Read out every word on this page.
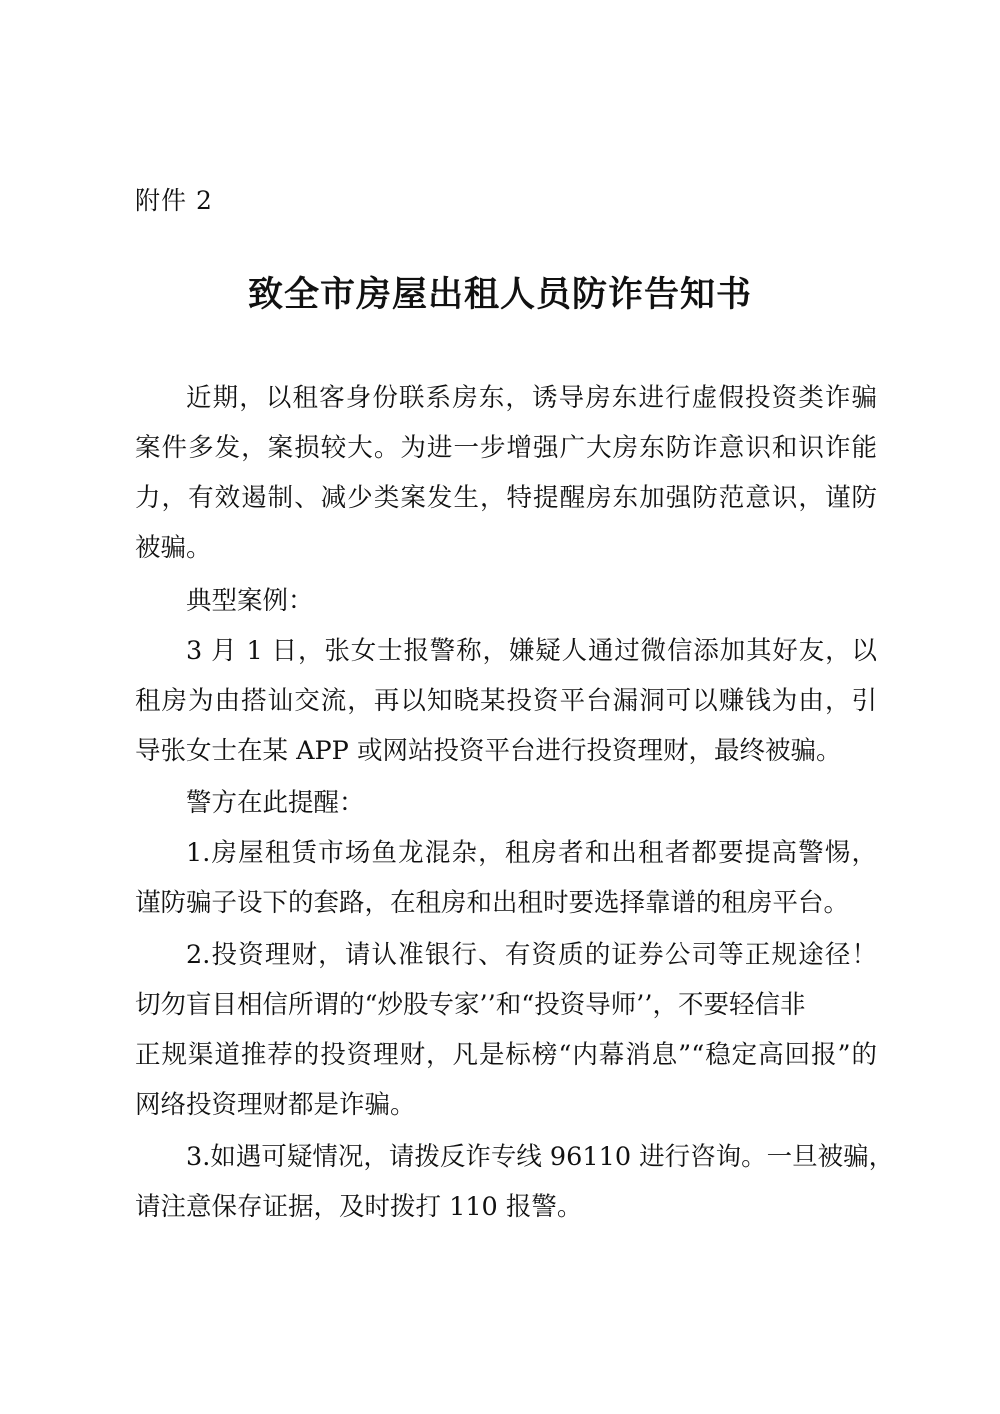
附件 2
致全市房屋出租人员防诈告知书
近期，以租客身份联系房东，诱导房东进行虚假投资类诈骗
案件多发，案损较大。为进一步增强广大房东防诈意识和识诈能
力，有效遏制、减少类案发生，特提醒房东加强防范意识，谨防
被骗。
典型案例：
3 月 1 日，张女士报警称，嫌疑人通过微信添加其好友，以
租房为由搭讪交流，再以知晓某投资平台漏洞可以赚钱为由，引
导张女士在某 APP 或网站投资平台进行投资理财，最终被骗。
警方在此提醒：
1.房屋租赁市场鱼龙混杂，租房者和出租者都要提高警惕，
谨防骗子设下的套路，在租房和出租时要选择靠谱的租房平台。
2.投资理财，请认准银行、有资质的证券公司等正规途径！
切勿盲目相信所谓的“炒股专家’’和“投资导师’’，不要轻信非
正规渠道推荐的投资理财，凡是标榜“内幕消息”“稳定高回报”的
网络投资理财都是诈骗。
3.如遇可疑情况，请拨反诈专线 96110 进行咨询。一旦被骗，
请注意保存证据，及时拨打 110 报警。
